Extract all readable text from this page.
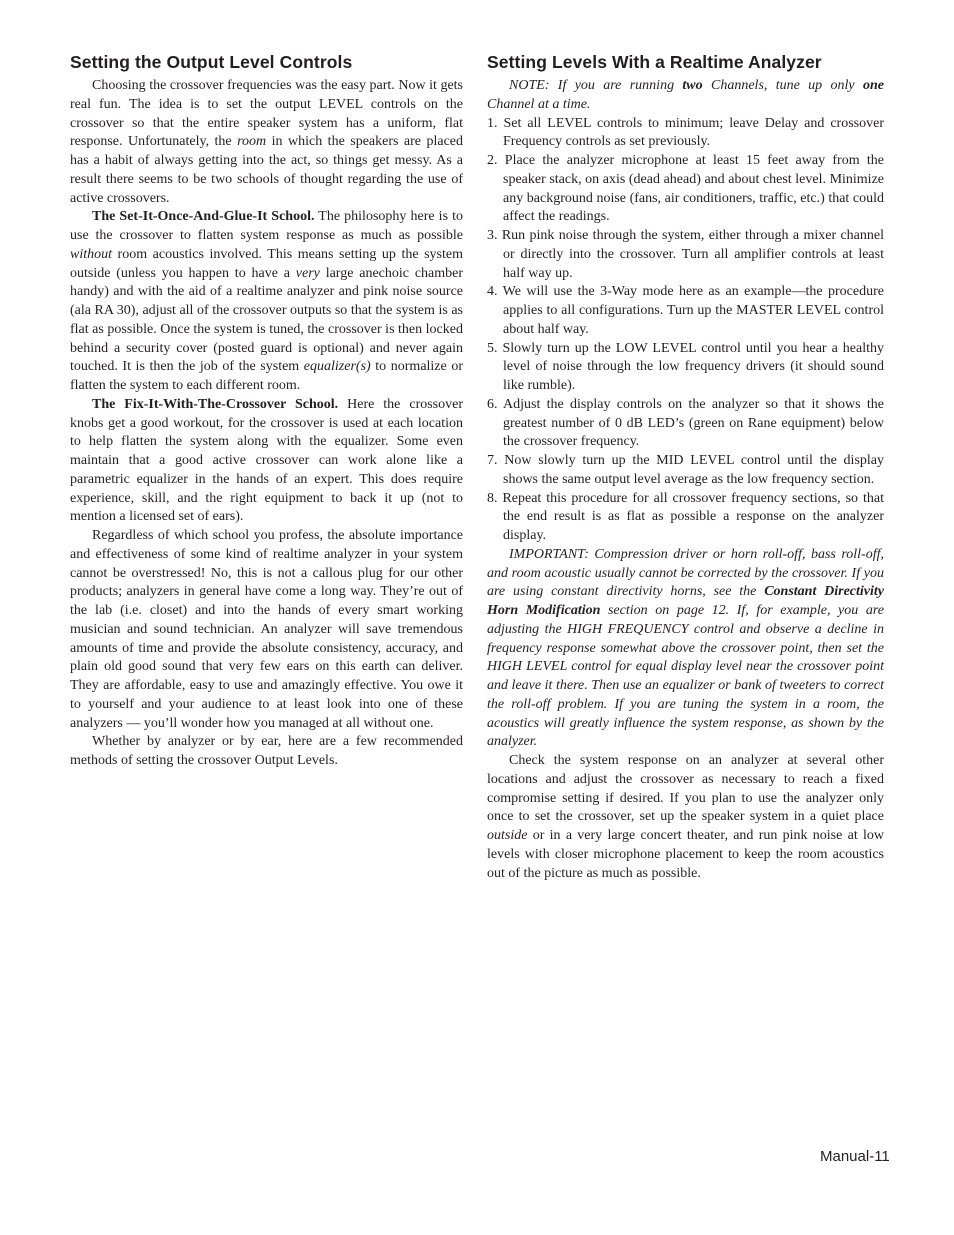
Setting the Output Level Controls

Choosing the crossover frequencies was the easy part. Now it gets real fun. The idea is to set the output LEVEL controls on the crossover so that the entire speaker system has a uniform, flat response. Unfortunately, the room in which the speakers are placed has a habit of always getting into the act, so things get messy. As a result there seems to be two schools of thought regarding the use of active crossovers.

The Set-It-Once-And-Glue-It School. The philosophy here is to use the crossover to flatten system response as much as possible without room acoustics involved. This means setting up the system outside (unless you happen to have a very large anechoic chamber handy) and with the aid of a realtime analyzer and pink noise source (ala RA 30), adjust all of the crossover outputs so that the system is as flat as possible. Once the system is tuned, the crossover is then locked behind a security cover (posted guard is optional) and never again touched. It is then the job of the system equalizer(s) to normalize or flatten the system to each different room.

The Fix-It-With-The-Crossover School. Here the crossover knobs get a good workout, for the crossover is used at each location to help flatten the system along with the equalizer. Some even maintain that a good active crossover can work alone like a parametric equalizer in the hands of an expert. This does require experience, skill, and the right equipment to back it up (not to mention a licensed set of ears).

Regardless of which school you profess, the absolute importance and effectiveness of some kind of realtime analyzer in your system cannot be overstressed! No, this is not a callous plug for our other products; analyzers in general have come a long way. They’re out of the lab (i.e. closet) and into the hands of every smart working musician and sound technician. An analyzer will save tremendous amounts of time and provide the absolute consistency, accuracy, and plain old good sound that very few ears on this earth can deliver. They are affordable, easy to use and amazingly effective. You owe it to yourself and your audience to at least look into one of these analyzers — you’ll wonder how you managed at all without one.

Whether by analyzer or by ear, here are a few recommended methods of setting the crossover Output Levels.

Setting Levels With a Realtime Analyzer

NOTE: If you are running two Channels, tune up only one Channel at a time.

1. Set all LEVEL controls to minimum; leave Delay and crossover Frequency controls as set previously.
2. Place the analyzer microphone at least 15 feet away from the speaker stack, on axis (dead ahead) and about chest level. Minimize any background noise (fans, air conditioners, traffic, etc.) that could affect the readings.
3. Run pink noise through the system, either through a mixer channel or directly into the crossover. Turn all amplifier controls at least half way up.
4. We will use the 3-Way mode here as an example—the procedure applies to all configurations. Turn up the MASTER LEVEL control about half way.
5. Slowly turn up the LOW LEVEL control until you hear a healthy level of noise through the low frequency drivers (it should sound like rumble).
6. Adjust the display controls on the analyzer so that it shows the greatest number of 0 dB LED’s (green on Rane equipment) below the crossover frequency.
7. Now slowly turn up the MID LEVEL control until the display shows the same output level average as the low frequency section.
8. Repeat this procedure for all crossover frequency sections, so that the end result is as flat as possible a response on the analyzer display.

IMPORTANT: Compression driver or horn roll-off, bass roll-off, and room acoustic usually cannot be corrected by the crossover. If you are using constant directivity horns, see the Constant Directivity Horn Modification section on page 12. If, for example, you are adjusting the HIGH FREQUENCY control and observe a decline in frequency response somewhat above the crossover point, then set the HIGH LEVEL control for equal display level near the crossover point and leave it there. Then use an equalizer or bank of tweeters to correct the roll-off problem. If you are tuning the system in a room, the acoustics will greatly influence the system response, as shown by the analyzer.

Check the system response on an analyzer at several other locations and adjust the crossover as necessary to reach a fixed compromise setting if desired. If you plan to use the analyzer only once to set the crossover, set up the speaker system in a quiet place outside or in a very large concert theater, and run pink noise at low levels with closer microphone placement to keep the room acoustics out of the picture as much as possible.

Manual-11
